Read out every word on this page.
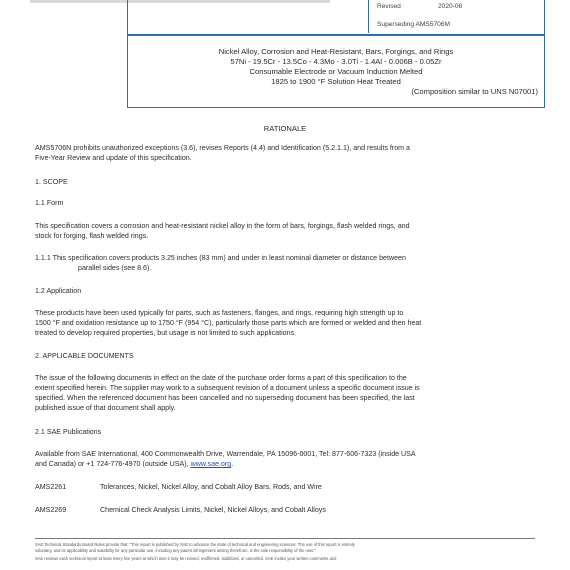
Revised	2020-06
Superseding AMS5706M
Nickel Alloy, Corrosion and Heat-Resistant, Bars, Forgings, and Rings
57Ni - 19.5Cr - 13.5Co - 4.3Mo - 3.0Ti - 1.4Al - 0.006B - 0.05Zr
Consumable Electrode or Vacuum Induction Melted
1825 to 1900 °F Solution Heat Treated
(Composition similar to UNS N07001)
RATIONALE
AMS5706N prohibits unauthorized exceptions (3.6), revises Reports (4.4) and Identification (5.2.1.1), and results from a
Five-Year Review and update of this specification.
1. SCOPE
1.1 Form
This specification covers a corrosion and heat-resistant nickel alloy in the form of bars, forgings, flash welded rings, and
stock for forging, flash welded rings.
1.1.1 This specification covers products 3.25 inches (83 mm) and under in least nominal diameter or distance between
parallel sides (see 8.6).
1.2 Application
These products have been used typically for parts, such as fasteners, flanges, and rings, requiring high strength up to
1500 °F and oxidation resistance up to 1750 °F (954 °C), particularly those parts which are formed or welded and then heat
treated to develop required properties, but usage is not limited to such applications.
2. APPLICABLE DOCUMENTS
The issue of the following documents in effect on the date of the purchase order forms a part of this specification to the
extent specified herein. The supplier may work to a subsequent revision of a document unless a specific document issue is
specified. When the referenced document has been cancelled and no superseding document has been specified, the last
published issue of that document shall apply.
2.1 SAE Publications
Available from SAE International, 400 Commonwealth Drive, Warrendale, PA 15096-0001, Tel: 877-606-7323 (inside USA
and Canada) or +1 724-776-4970 (outside USA), www.sae.org.
AMS2261	Tolerances, Nickel, Nickel Alloy, and Cobalt Alloy Bars, Rods, and Wire
AMS2269	Chemical Check Analysis Limits, Nickel, Nickel Alloys, and Cobalt Alloys
SAE Technical Standards Board Rules provide that: "This report is published by SAE to advance the state of technical and engineering sciences. The use of this report is entirely
voluntary, and its applicability and suitability for any particular use, including any patent infringement arising therefrom, is the sole responsibility of the user."
SAE reviews each technical report at least every five years at which time it may be revised, reaffirmed, stabilized, or cancelled. SAE invites your written comments and
